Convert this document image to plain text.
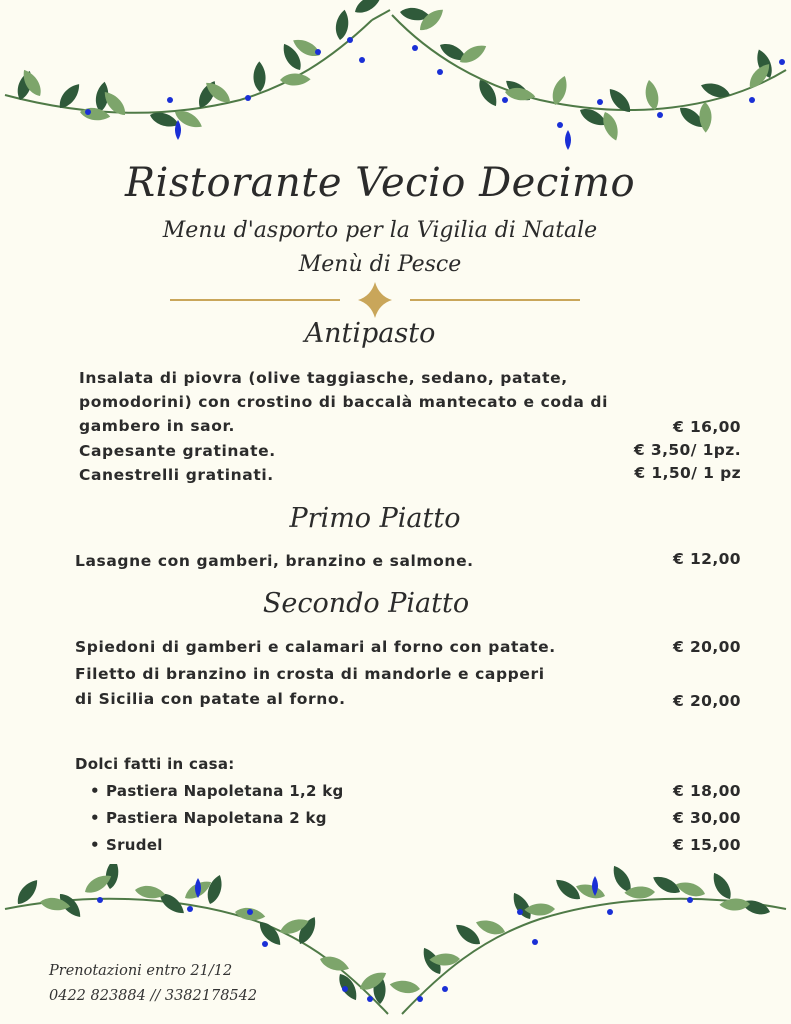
Ristorante Vecio Decimo
Menu d'asporto per la Vigilia di Natale
Menù di Pesce
Antipasto
Insalata di piovra (olive taggiasche, sedano, patate,
pomodorini) con crostino di baccalà mantecato e coda di
gambero in saor.	€ 16,00
Capesante gratinate.	€ 3,50/ 1pz.
Canestrelli gratinati.	€ 1,50/ 1 pz
Primo Piatto
Lasagne con gamberi, branzino e salmone.	€ 12,00
Secondo Piatto
Spiedoni di gamberi e calamari al forno con patate.	€ 20,00
Filetto di branzino in crosta di mandorle e capperi
di Sicilia con patate al forno.	€ 20,00
Dolci fatti in casa:
• Pastiera Napoletana 1,2 kg	€ 18,00
• Pastiera Napoletana 2 kg	€ 30,00
• Srudel	€ 15,00
Prenotazioni entro 21/12
0422 823884 // 3382178542
